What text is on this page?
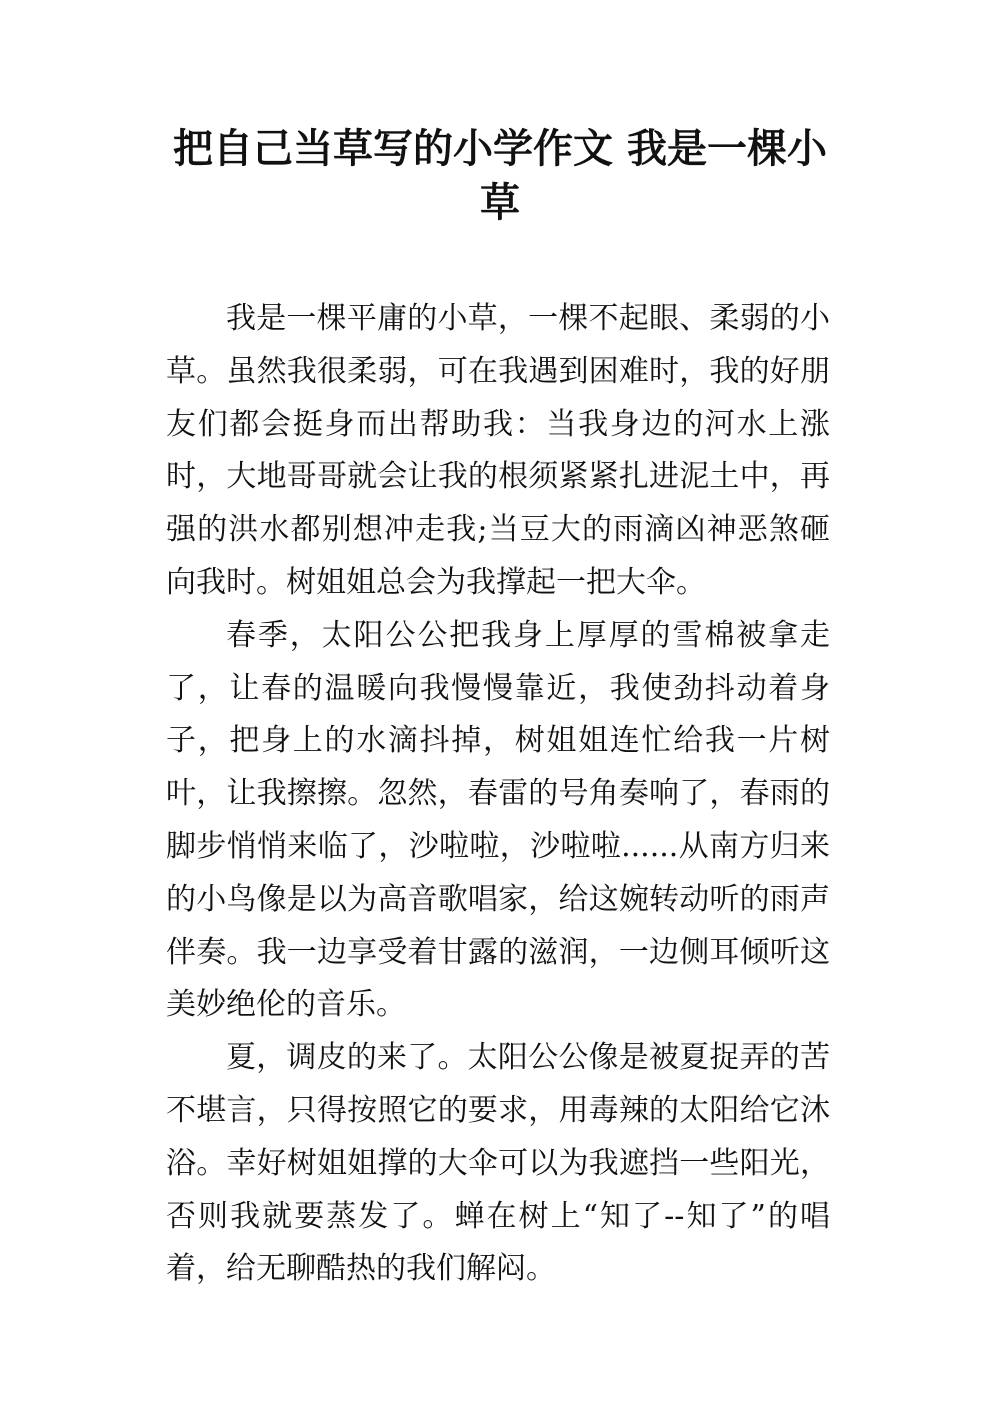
把自己当草写的小学作文 我是一棵小草

我是一棵平庸的小草，一棵不起眼、柔弱的小草。虽然我很柔弱，可在我遇到困难时，我的好朋友们都会挺身而出帮助我：当我身边的河水上涨时，大地哥哥就会让我的根须紧紧扎进泥土中，再强的洪水都别想冲走我;当豆大的雨滴凶神恶煞砸向我时。树姐姐总会为我撑起一把大伞。

春季，太阳公公把我身上厚厚的雪棉被拿走了，让春的温暖向我慢慢靠近，我使劲抖动着身子，把身上的水滴抖掉，树姐姐连忙给我一片树叶，让我擦擦。忽然，春雷的号角奏响了，春雨的脚步悄悄来临了，沙啦啦，沙啦啦......从南方归来的小鸟像是以为高音歌唱家，给这婉转动听的雨声伴奏。我一边享受着甘露的滋润，一边侧耳倾听这美妙绝伦的音乐。

夏，调皮的来了。太阳公公像是被夏捉弄的苦不堪言，只得按照它的要求，用毒辣的太阳给它沐浴。幸好树姐姐撑的大伞可以为我遮挡一些阳光，否则我就要蒸发了。蝉在树上“知了--知了”的唱着，给无聊酷热的我们解闷。
